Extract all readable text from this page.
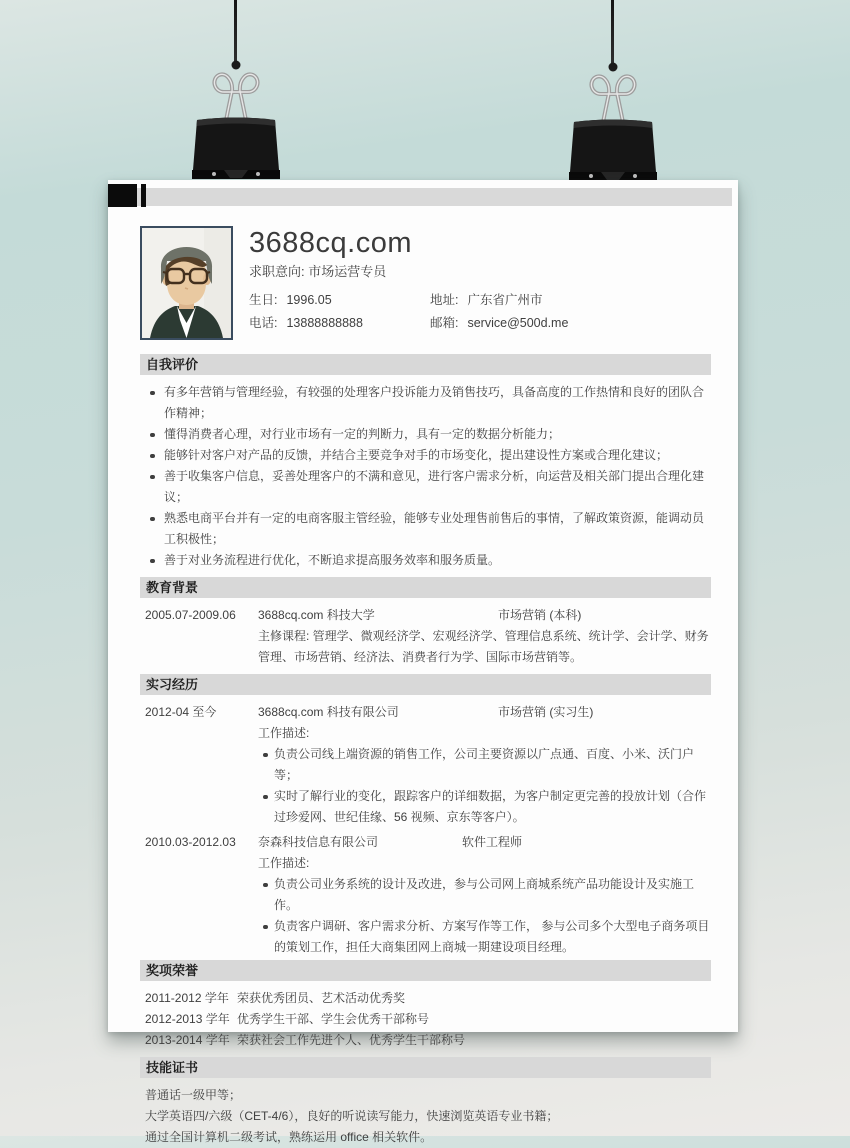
3688cq.com
求职意向: 市场运营专员
生日: 1996.05	地址: 广东省广州市
电话: 13888888888	邮箱: service@500d.me
自我评价
有多年营销与管理经验，有较强的处理客户投诉能力及销售技巧，具备高度的工作热情和良好的团队合作精神；
懂得消费者心理，对行业市场有一定的判断力，具有一定的数据分析能力；
能够针对客户对产品的反馈，并结合主要竞争对手的市场变化，提出建设性方案或合理化建议；
善于收集客户信息，妥善处理客户的不满和意见，进行客户需求分析，向运营及相关部门提出合理化建议；
熟悉电商平台并有一定的电商客服主管经验，能够专业处理售前售后的事情，了解政策资源，能调动员工积极性；
善于对业务流程进行优化，不断追求提高服务效率和服务质量。
教育背景
2005.07-2009.06	3688cq.com 科技大学	市场营销 (本科)
主修课程: 管理学、微观经济学、宏观经济学、管理信息系统、统计学、会计学、财务管理、市场营销、经济法、消费者行为学、国际市场营销等。
实习经历
2012-04 至今	3688cq.com 科技有限公司	市场营销 (实习生)
工作描述:
负责公司线上端资源的销售工作，公司主要资源以广点通、百度、小米、沃门户等；
实时了解行业的变化，跟踪客户的详细数据，为客户制定更完善的投放计划（合作过珍爱网、世纪佳缘、56 视频、京东等客户）。
2010.03-2012.03	奈森科技信息有限公司	软件工程师
工作描述:
负责公司业务系统的设计及改进，参与公司网上商城系统产品功能设计及实施工作。
负责客户调研、客户需求分析、方案写作等工作， 参与公司多个大型电子商务项目的策划工作，担任大商集团网上商城一期建设项目经理。
奖项荣誉
2011-2012 学年 荣获优秀团员、艺术活动优秀奖
2012-2013 学年 优秀学生干部、学生会优秀干部称号
2013-2014 学年 荣获社会工作先进个人、优秀学生干部称号
技能证书
普通话一级甲等；
大学英语四/六级（CET-4/6），良好的听说读写能力，快速浏览英语专业书籍；
通过全国计算机二级考试，熟练运用 office 相关软件。
